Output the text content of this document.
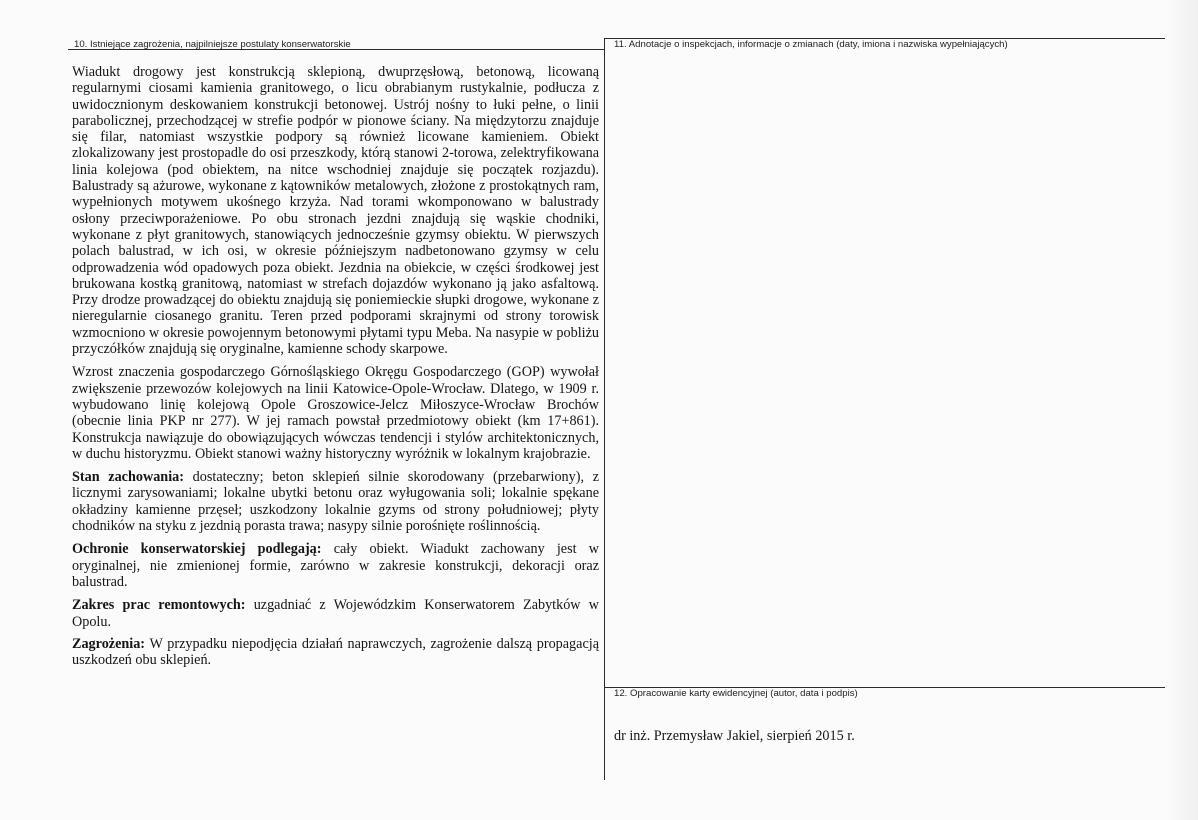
10. Istniejące zagrożenia, najpilniejsze postulaty konserwatorskie	11. Adnotacje o inspekcjach, informacje o zmianach (daty, imiona i nazwiska wypełniających)
12. Opracowanie karty ewidencyjnej (autor, data i podpis)

Wiadukt drogowy jest konstrukcją sklepioną, dwuprzęsłową, betonową, licowaną regularnymi ciosami kamienia granitowego, o licu obrabianym rustykalnie, podłucza z uwidocznionym deskowaniem konstrukcji betonowej. Ustrój nośny to łuki pełne, o linii parabolicznej, przechodzącej w strefie podpór w pionowe ściany. Na międzytorzu znajduje się filar, natomiast wszystkie podpory są również licowane kamieniem. Obiekt zlokalizowany jest prostopadle do osi przeszkody, którą stanowi 2-torowa, zelektryfikowana linia kolejowa (pod obiektem, na nitce wschodniej znajduje się początek rozjazdu). Balustrady są ażurowe, wykonane z kątowników metalowych, złożone z prostokątnych ram, wypełnionych motywem ukośnego krzyża. Nad torami wkomponowano w balustrady osłony przeciwporażeniowe. Po obu stronach jezdni znajdują się wąskie chodniki, wykonane z płyt granitowych, stanowiących jednocześnie gzymsy obiektu. W pierwszych polach balustrad, w ich osi, w okresie późniejszym nadbetonowano gzymsy w celu odprowadzenia wód opadowych poza obiekt. Jezdnia na obiekcie, w części środkowej jest brukowana kostką granitową, natomiast w strefach dojazdów wykonano ją jako asfaltową. Przy drodze prowadzącej do obiektu znajdują się poniemieckie słupki drogowe, wykonane z nieregularnie ciosanego granitu. Teren przed podporami skrajnymi od strony torowisk wzmocniono w okresie powojennym betonowymi płytami typu Meba. Na nasypie w pobliżu przyczółków znajdują się oryginalne, kamienne schody skarpowe.

Wzrost znaczenia gospodarczego Górnośląskiego Okręgu Gospodarczego (GOP) wywołał zwiększenie przewozów kolejowych na linii Katowice-Opole-Wrocław. Dlatego, w 1909 r. wybudowano linię kolejową Opole Groszowice-Jelcz Miłoszyce-Wrocław Brochów (obecnie linia PKP nr 277). W jej ramach powstał przedmiotowy obiekt (km 17+861). Konstrukcja nawiązuje do obowiązujących wówczas tendencji i stylów architektonicznych, w duchu historyzmu. Obiekt stanowi ważny historyczny wyróżnik w lokalnym krajobrazie.

Stan zachowania: dostateczny; beton sklepień silnie skorodowany (przebarwiony), z licznymi zarysowaniami; lokalne ubytki betonu oraz wyługowania soli; lokalnie spękane okładziny kamienne przęseł; uszkodzony lokalnie gzyms od strony południowej; płyty chodników na styku z jezdnią porasta trawa; nasypy silnie porośnięte roślinnością.

Ochronie konserwatorskiej podlegają: cały obiekt. Wiadukt zachowany jest w oryginalnej, nie zmienionej formie, zarówno w zakresie konstrukcji, dekoracji oraz balustrad.

Zakres prac remontowych: uzgadniać z Wojewódzkim Konserwatorem Zabytków w Opolu.

Zagrożenia: W przypadku niepodjęcia działań naprawczych, zagrożenie dalszą propagacją uszkodzeń obu sklepień.

dr inż. Przemysław Jakiel, sierpień 2015 r.
